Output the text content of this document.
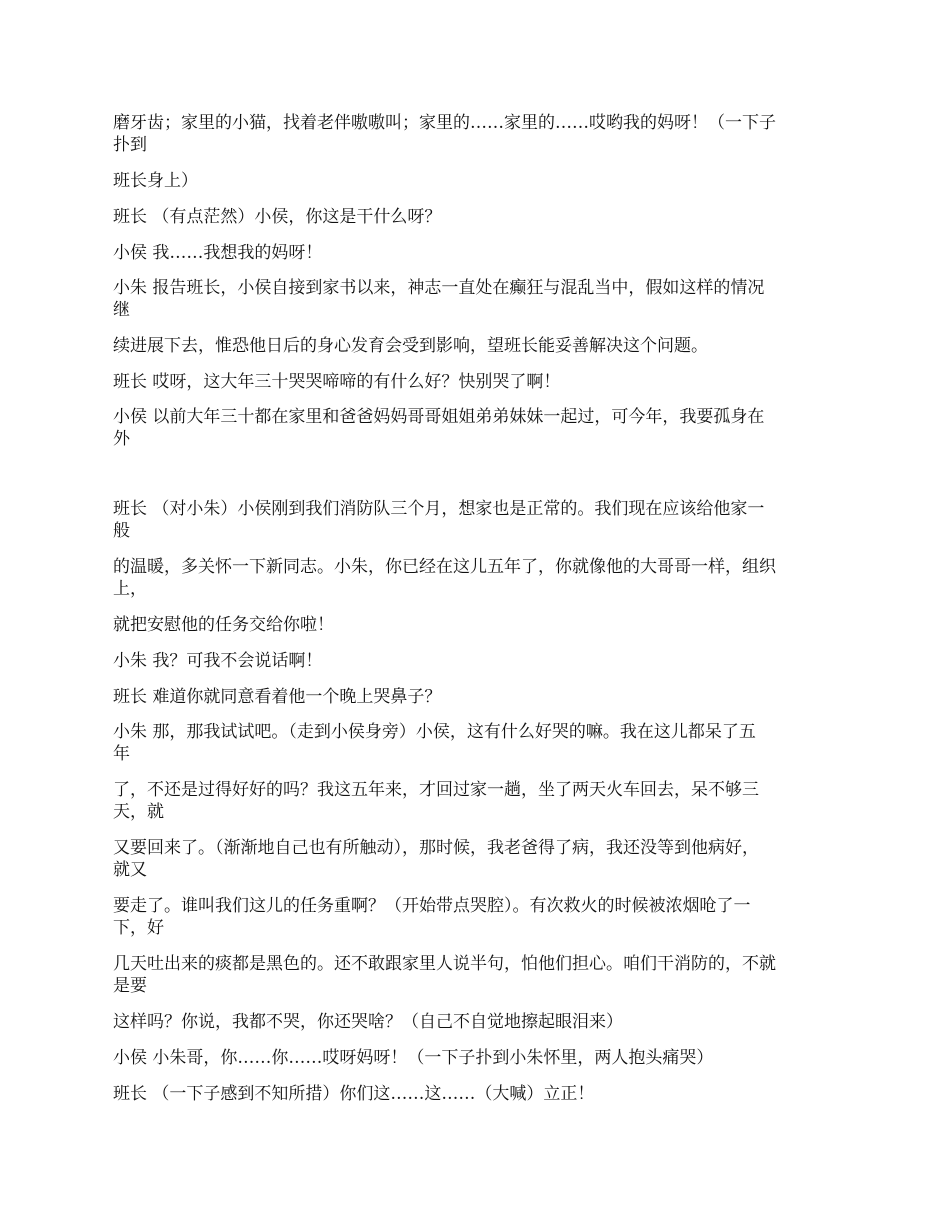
磨牙齿；家里的小猫，找着老伴嗷嗷叫；家里的……家里的……哎哟我的妈呀！（一下子

扑到

班长身上）

班长 （有点茫然）小侯，你这是干什么呀？

小侯 我……我想我的妈呀！

小朱 报告班长，小侯自接到家书以来，神志一直处在癫狂与混乱当中，假如这样的情况

继

续进展下去，惟恐他日后的身心发育会受到影响，望班长能妥善解决这个问题。

班长 哎呀，这大年三十哭哭啼啼的有什么好？快别哭了啊！

小侯 以前大年三十都在家里和爸爸妈妈哥哥姐姐弟弟妹妹一起过，可今年，我要孤身在

外

班长 （对小朱）小侯刚到我们消防队三个月，想家也是正常的。我们现在应该给他家一

般

的温暖，多关怀一下新同志。小朱，你已经在这儿五年了，你就像他的大哥哥一样，组织

上，

就把安慰他的任务交给你啦！

小朱 我？可我不会说话啊！

班长 难道你就同意看着他一个晚上哭鼻子？

小朱 那，那我试试吧。（走到小侯身旁）小侯，这有什么好哭的嘛。我在这儿都呆了五

年

了，不还是过得好好的吗？我这五年来，才回过家一趟，坐了两天火车回去，呆不够三

天，就

又要回来了。（渐渐地自己也有所触动），那时候，我老爸得了病，我还没等到他病好，

就又

要走了。谁叫我们这儿的任务重啊？（开始带点哭腔）。有次救火的时候被浓烟呛了一

下，好

几天吐出来的痰都是黑色的。还不敢跟家里人说半句，怕他们担心。咱们干消防的，不就

是要

这样吗？你说，我都不哭，你还哭啥？（自己不自觉地擦起眼泪来）

小侯 小朱哥，你……你……哎呀妈呀！（一下子扑到小朱怀里，两人抱头痛哭）

班长 （一下子感到不知所措）你们这……这……（大喊）立正！
